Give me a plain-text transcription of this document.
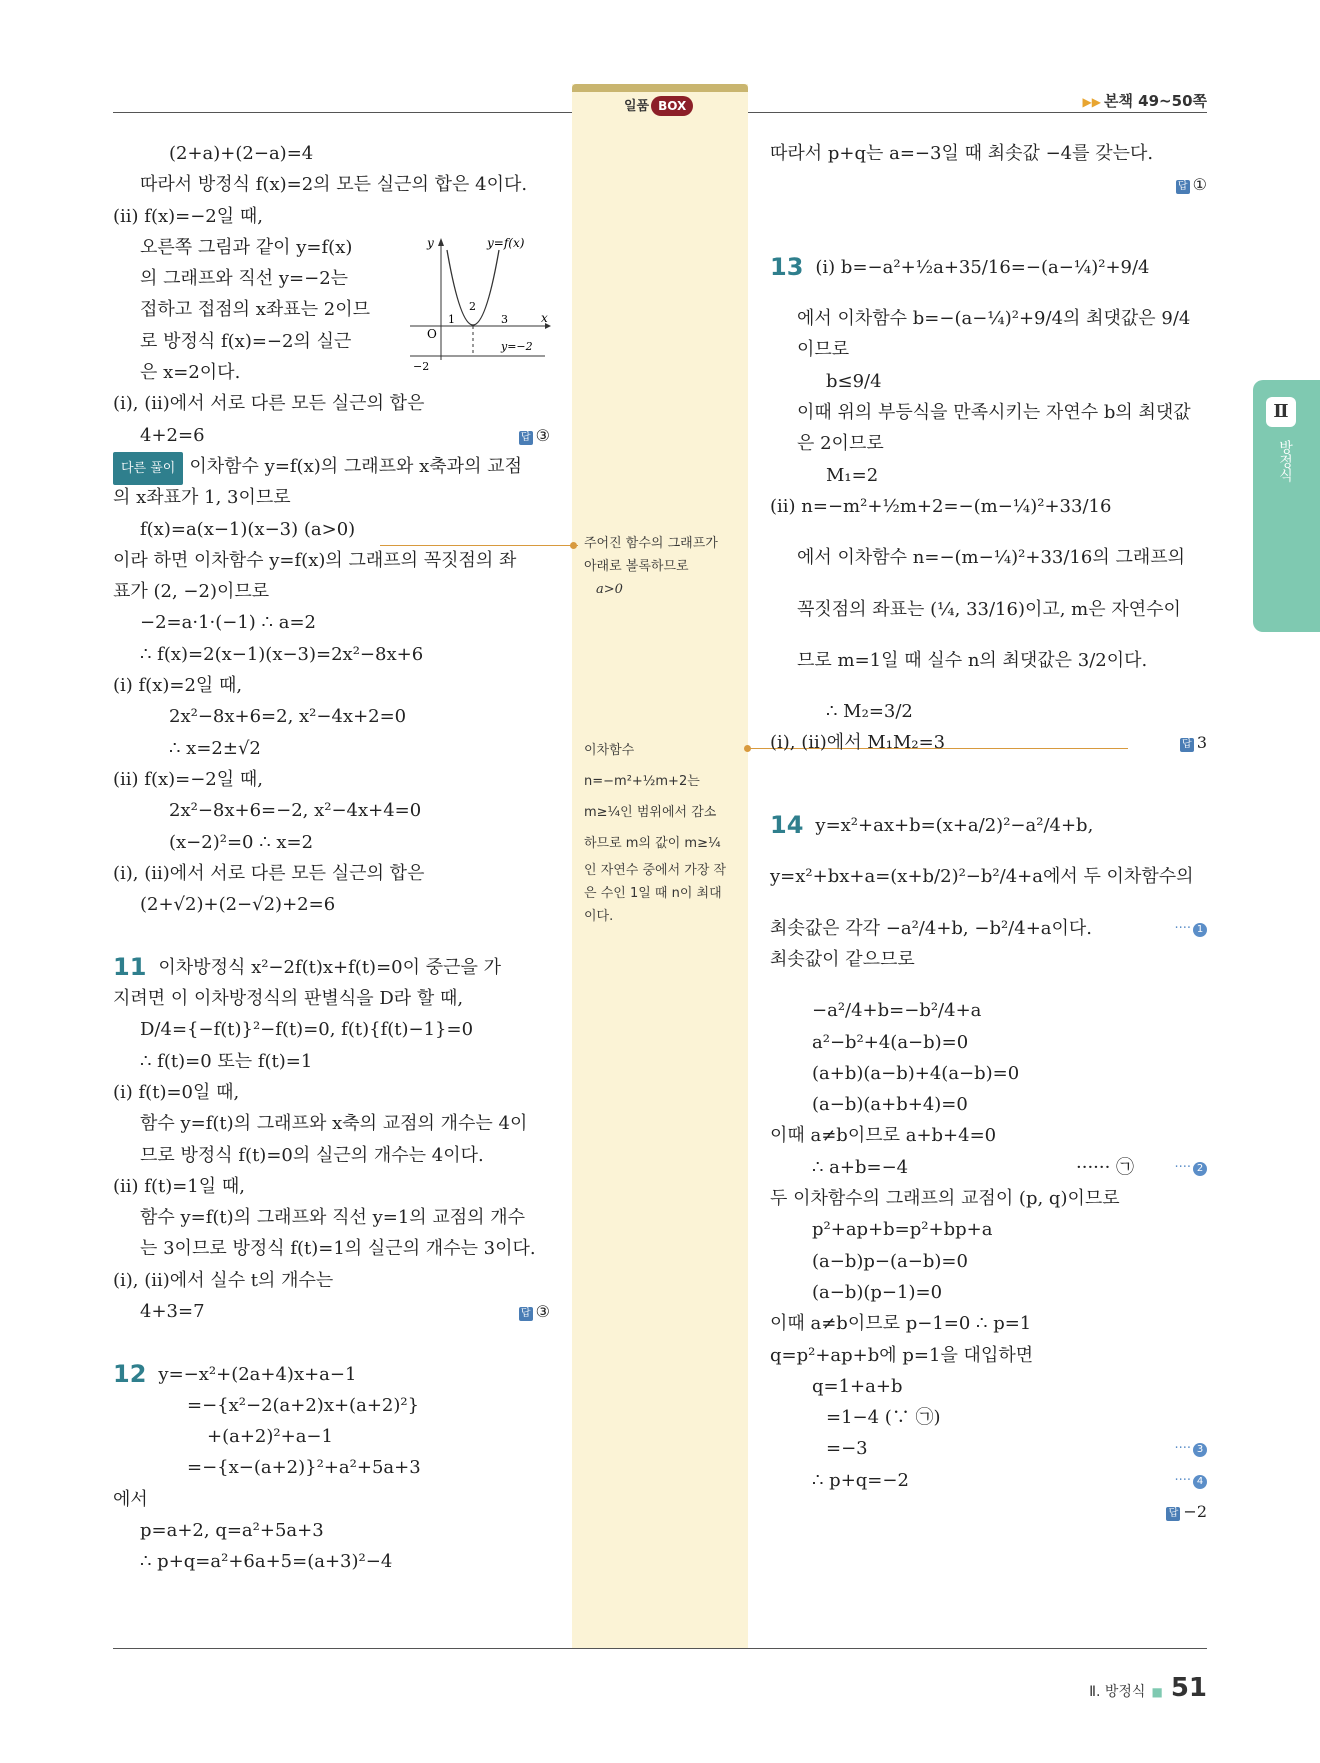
일품 BOX	▶▶ 본책 49~50쪽
Ⅱ
방정식
(2+a)+(2−a)=4
따라서 방정식 f(x)=2의 모든 실근의 합은 4이다.
(ii) f(x)=−2일 때,
오른쪽 그림과 같이 y=f(x)
의 그래프와 직선 y=−2는
접하고 접점의 x좌표는 2이므
로 방정식 f(x)=−2의 실근
은 x=2이다.
(i), (ii)에서 서로 다른 모든 실근의 합은
4+2=6	답 ③
다른 풀이 이차함수 y=f(x)의 그래프와 x축과의 교점
의 x좌표가 1, 3이므로
f(x)=a(x−1)(x−3) (a>0)
이라 하면 이차함수 y=f(x)의 그래프의 꼭짓점의 좌
표가 (2, −2)이므로
−2=a·1·(−1) ∴ a=2
∴ f(x)=2(x−1)(x−3)=2x²−8x+6
(i) f(x)=2일 때,
2x²−8x+6=2, x²−4x+2=0
∴ x=2±√2
(ii) f(x)=−2일 때,
2x²−8x+6=−2, x²−4x+4=0
(x−2)²=0 ∴ x=2
(i), (ii)에서 서로 다른 모든 실근의 합은
(2+√2)+(2−√2)+2=6
11 이차방정식 x²−2f(t)x+f(t)=0이 중근을 가
지려면 이 이차방정식의 판별식을 D라 할 때,
D/4={−f(t)}²−f(t)=0, f(t){f(t)−1}=0
∴ f(t)=0 또는 f(t)=1
(i) f(t)=0일 때,
함수 y=f(t)의 그래프와 x축의 교점의 개수는 4이
므로 방정식 f(t)=0의 실근의 개수는 4이다.
(ii) f(t)=1일 때,
함수 y=f(t)의 그래프와 직선 y=1의 교점의 개수
는 3이므로 방정식 f(t)=1의 실근의 개수는 3이다.
(i), (ii)에서 실수 t의 개수는
4+3=7	답 ③
12 y=−x²+(2a+4)x+a−1
=−{x²−2(a+2)x+(a+2)²}
+(a+2)²+a−1
=−{x−(a+2)}²+a²+5a+3
에서
p=a+2, q=a²+5a+3
∴ p+q=a²+6a+5=(a+3)²−4
y	y=f(x)
x
O
1
2
3
−2
y=−2
주어진 함수의 그래프가
아래로 볼록하므로
a>0
이차함수
n=−m²+½m+2는
m≥¼인 범위에서 감소
하므로 m의 값이 m≥¼
인 자연수 중에서 가장 작
은 수인 1일 때 n이 최대
이다.
따라서 p+q는 a=−3일 때 최솟값 −4를 갖는다.
답 ①
13 (i) b=−a²+½a+35/16=−(a−¼)²+9/4
에서 이차함수 b=−(a−¼)²+9/4의 최댓값은 9/4
이므로
b≤9/4
이때 위의 부등식을 만족시키는 자연수 b의 최댓값
은 2이므로
M₁=2
(ii) n=−m²+½m+2=−(m−¼)²+33/16
에서 이차함수 n=−(m−¼)²+33/16의 그래프의
꼭짓점의 좌표는 (¼, 33/16)이고, m은 자연수이
므로 m=1일 때 실수 n의 최댓값은 3/2이다.
∴ M₂=3/2
(i), (ii)에서 M₁M₂=3	답 3
14 y=x²+ax+b=(x+a/2)²−a²/4+b,
y=x²+bx+a=(x+b/2)²−b²/4+a에서 두 이차함수의
최솟값은 각각 −a²/4+b, −b²/4+a이다.	···· 1
최솟값이 같으므로
−a²/4+b=−b²/4+a
a²−b²+4(a−b)=0
(a+b)(a−b)+4(a−b)=0
(a−b)(a+b+4)=0
이때 a≠b이므로 a+b+4=0
∴ a+b=−4	······ ㉠	···· 2
두 이차함수의 그래프의 교점이 (p, q)이므로
p²+ap+b=p²+bp+a
(a−b)p−(a−b)=0
(a−b)(p−1)=0
이때 a≠b이므로 p−1=0 ∴ p=1
q=p²+ap+b에 p=1을 대입하면
q=1+a+b
=1−4 (∵ ㉠)
=−3	···· 3
∴ p+q=−2	···· 4
답 −2
Ⅱ. 방정식 ■ 51
